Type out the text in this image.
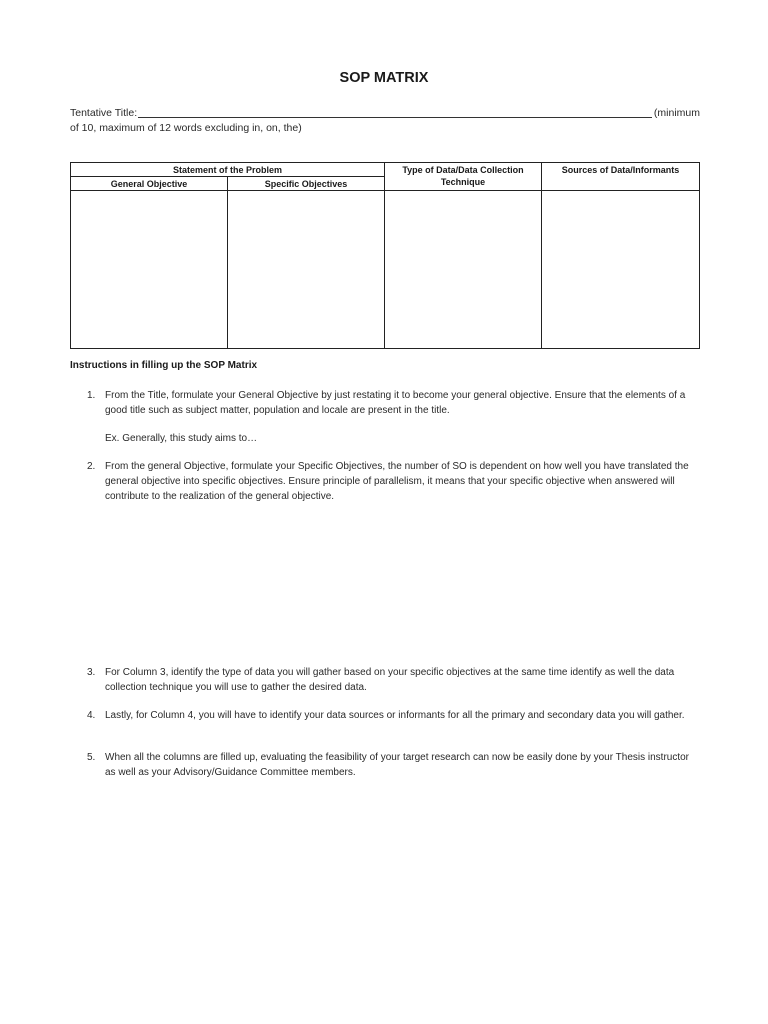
SOP MATRIX
Tentative Title:	(minimum
of 10, maximum of 12 words excluding in, on, the)
Statement of the Problem		Type of Data/Data Collection Technique	Sources of Data/Informants
General Objective	Specific Objectives		

Instructions in filling up the SOP Matrix
1. From the Title, formulate your General Objective by just restating it to become your general objective. Ensure that the elements of a good title such as subject matter, population and locale are present in the title.
Ex. Generally, this study aims to…
2. From the general Objective, formulate your Specific Objectives, the number of SO is dependent on how well you have translated the general objective into specific objectives. Ensure principle of parallelism, it means that your specific objective when answered will contribute to the realization of the general objective.
3. For Column 3, identify the type of data you will gather based on your specific objectives at the same time identify as well the data collection technique you will use to gather the desired data.
4. Lastly, for Column 4, you will have to identify your data sources or informants for all the primary and secondary data you will gather.
5. When all the columns are filled up, evaluating the feasibility of your target research can now be easily done by your Thesis instructor as well as your Advisory/Guidance Committee members.
